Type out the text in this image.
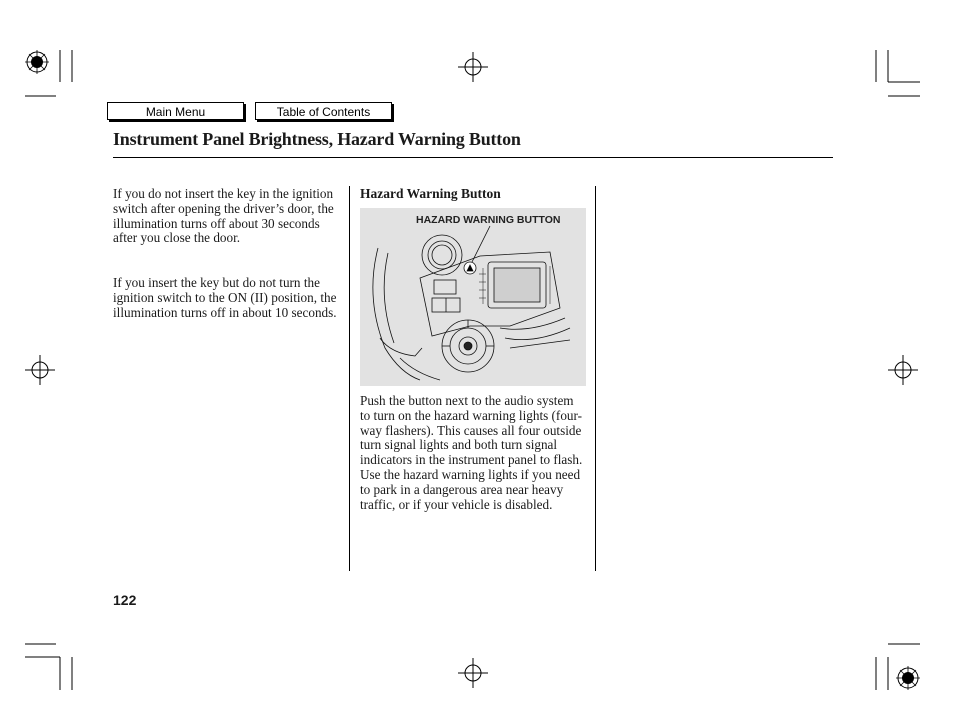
Main Menu	Table of Contents
Instrument Panel Brightness, Hazard Warning Button

If you do not insert the key in the ignition switch after opening the driver’s door, the illumination turns off about 30 seconds after you close the door.

If you insert the key but do not turn the ignition switch to the ON (II) position, the illumination turns off in about 10 seconds.

Hazard Warning Button
HAZARD WARNING BUTTON

Push the button next to the audio system to turn on the hazard warning lights (four-way flashers). This causes all four outside turn signal lights and both turn signal indicators in the instrument panel to flash. Use the hazard warning lights if you need to park in a dangerous area near heavy traffic, or if your vehicle is disabled.

122
